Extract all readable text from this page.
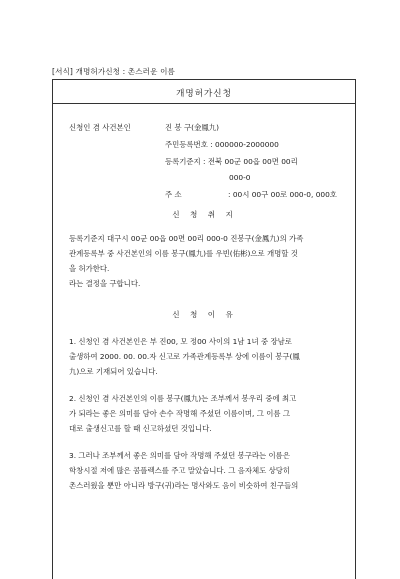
[서식] 개명허가신청 : 촌스러운 이름
개명허가신청
신청인 겸 사건본인	진 봉 구(金鳳九)
주민등록번호 : 000000-2000000
등록기준지 : 전북 00군 00읍 00면 00리
000-0
주 소	: 00시 00구 00로 000-0, 000호
신 청 취 지
등록기준지 대구시 00군 00읍 00면 00리 000-0 진봉구(金鳳九)의 가족
관계등록부 중 사건본인의 이름 봉구(鳳九)를 우빈(佑彬)으로 개명할 것
을 허가한다.
라는 결정을 구합니다.
신 청 이 유
1. 신청인 겸 사건본인은 부 진00, 모 정00 사이의 1남 1녀 중 장남로
출생하여 2000. 00. 00.자 신고로 가족관계등록부 상에 이름이 봉구(鳳
九)으로 기재되어 있습니다.
2. 신청인 겸 사건본인의 이름 봉구(鳳九)는 조부께서 봉우리 중에 최고
가 되라는 좋은 의미를 담아 손수 작명해 주셨던 이름이며, 그 이름 그
대로 출생신고를 할 때 신고하셨던 것입니다.
3. 그러나 조부께서 좋은 의미를 담아 작명해 주셨던 봉구라는 이름은
학창시절 저에 많은 콤플렉스를 주고 말았습니다. 그 음자체도 상당히
촌스러웠을 뿐만 아니라 방구(귀)라는 명사와도 음이 비슷하여 친구들의
